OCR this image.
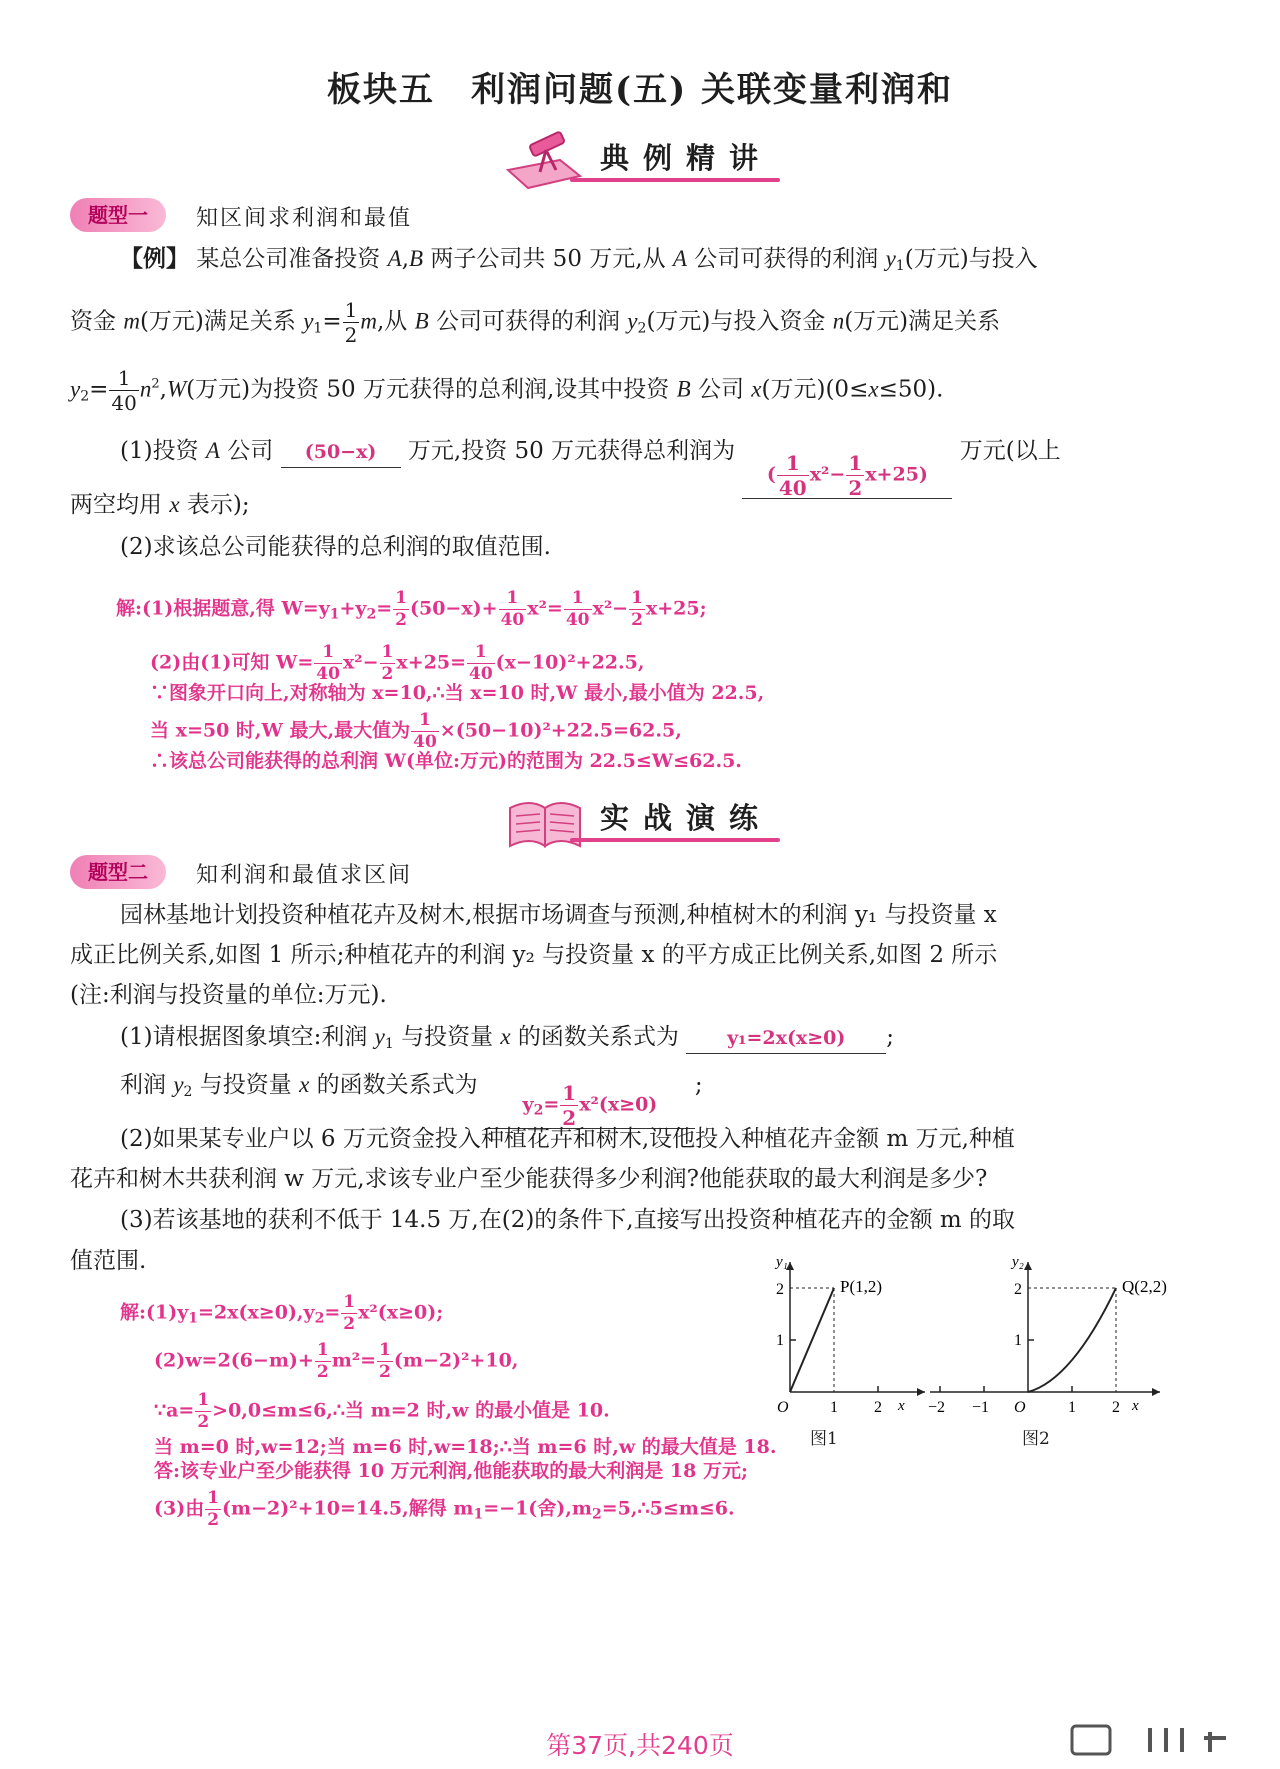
板块五 利润问题(五) 关联变量利润和
典例精讲
题型一	知区间求利润和最值
【例】 某总公司准备投资 A,B 两子公司共 50 万元,从 A 公司可获得的利润 $y_1$(万元)与投入
资金 m(万元)满足关系 $y_1= \frac{1}{2} m$,从 B 公司可获得的利润 $y_2$(万元)与投入资金 n(万元)满足关系
$y_2= \frac{1}{40} n^2,W$(万元)为投资 50 万元获得的总利润,设其中投资 B 公司 x(万元)(0≤x≤50).
(1)投资 A 公司 (50−x) 万元,投资 50 万元获得总利润为 ( $\frac{1}{40} x^2- \frac{1}{2} x+25$) 万元(以上
两空均用 x 表示);
(2)求该总公司能获得的总利润的取值范围.
解:(1)根据题意,得 $W=y_1+y_2= \frac{1}{2} (50-x)+ \frac{1}{40} x^2= \frac{1}{40} x^2- \frac{1}{2} x+25$;
(2)由(1)可知 $W= \frac{1}{40} x^2- \frac{1}{2} x+25= \frac{1}{40} (x-10)^2+22.5$,
∵图象开口向上,对称轴为 x=10,∴当 x=10 时,W 最小,最小值为 22.5,
当 x=50 时,W 最大,最大值为 $\frac{1}{40} \times(50-10)^2+22.5=62.5$,
∴该总公司能获得的总利润 W(单位:万元)的范围为 22.5≤W≤62.5.
实战演练
题型二	知利润和最值求区间
园林基地计划投资种植花卉及树木,根据市场调查与预测,种植树木的利润 y₁ 与投资量 x
成正比例关系,如图 1 所示;种植花卉的利润 y₂ 与投资量 x 的平方成正比例关系,如图 2 所示
(注:利润与投资量的单位:万元).
(1)请根据图象填空:利润 $y_1$ 与投资量 x 的函数关系式为 y₁=2x(x≥0) ;
利润 $y_2$ 与投资量 x 的函数关系式为 $y_2= \frac{1}{2} x^2(x\ge 0)$;
(2)如果某专业户以 6 万元资金投入种植花卉和树木,设他投入种植花卉金额 m 万元,种植
花卉和树木共获利润 w 万元,求该专业户至少能获得多少利润?他能获取的最大利润是多少?
(3)若该基地的获利不低于 14.5 万,在(2)的条件下,直接写出投资种植花卉的金额 m 的取
值范围.
解$:(1)y_1=2x(x\ge 0),y_2= \frac{1}{2} x^2(x\ge 0)$;
$(2)w=2(6-m)+ \frac{1}{2} m^2= \frac{1}{2} (m-2)^2+10$,
∵a= $\frac{1}{2}$ >0,0≤m≤6,∴当 m=2 时,w 的最小值是 10.
当 m=0 时,w=12;当 m=6 时,w=18;∴当 m=6 时,w 的最大值是 18.
答:该专业户至少能获得 10 万元利润,他能获取的最大利润是 18 万元;
(3)由 $\frac{1}{2} (m-2)^2+10=14.5$,解得 $m_1=-1$(舍)$,m_2=5,\therefore 5\le m\le 6$.
y₁
2
1
O	1 2 x
P(1,2)
图1
y₂
2
1
−2 −1 O	1 2 x
Q(2,2)
图2
第37页,共240页
